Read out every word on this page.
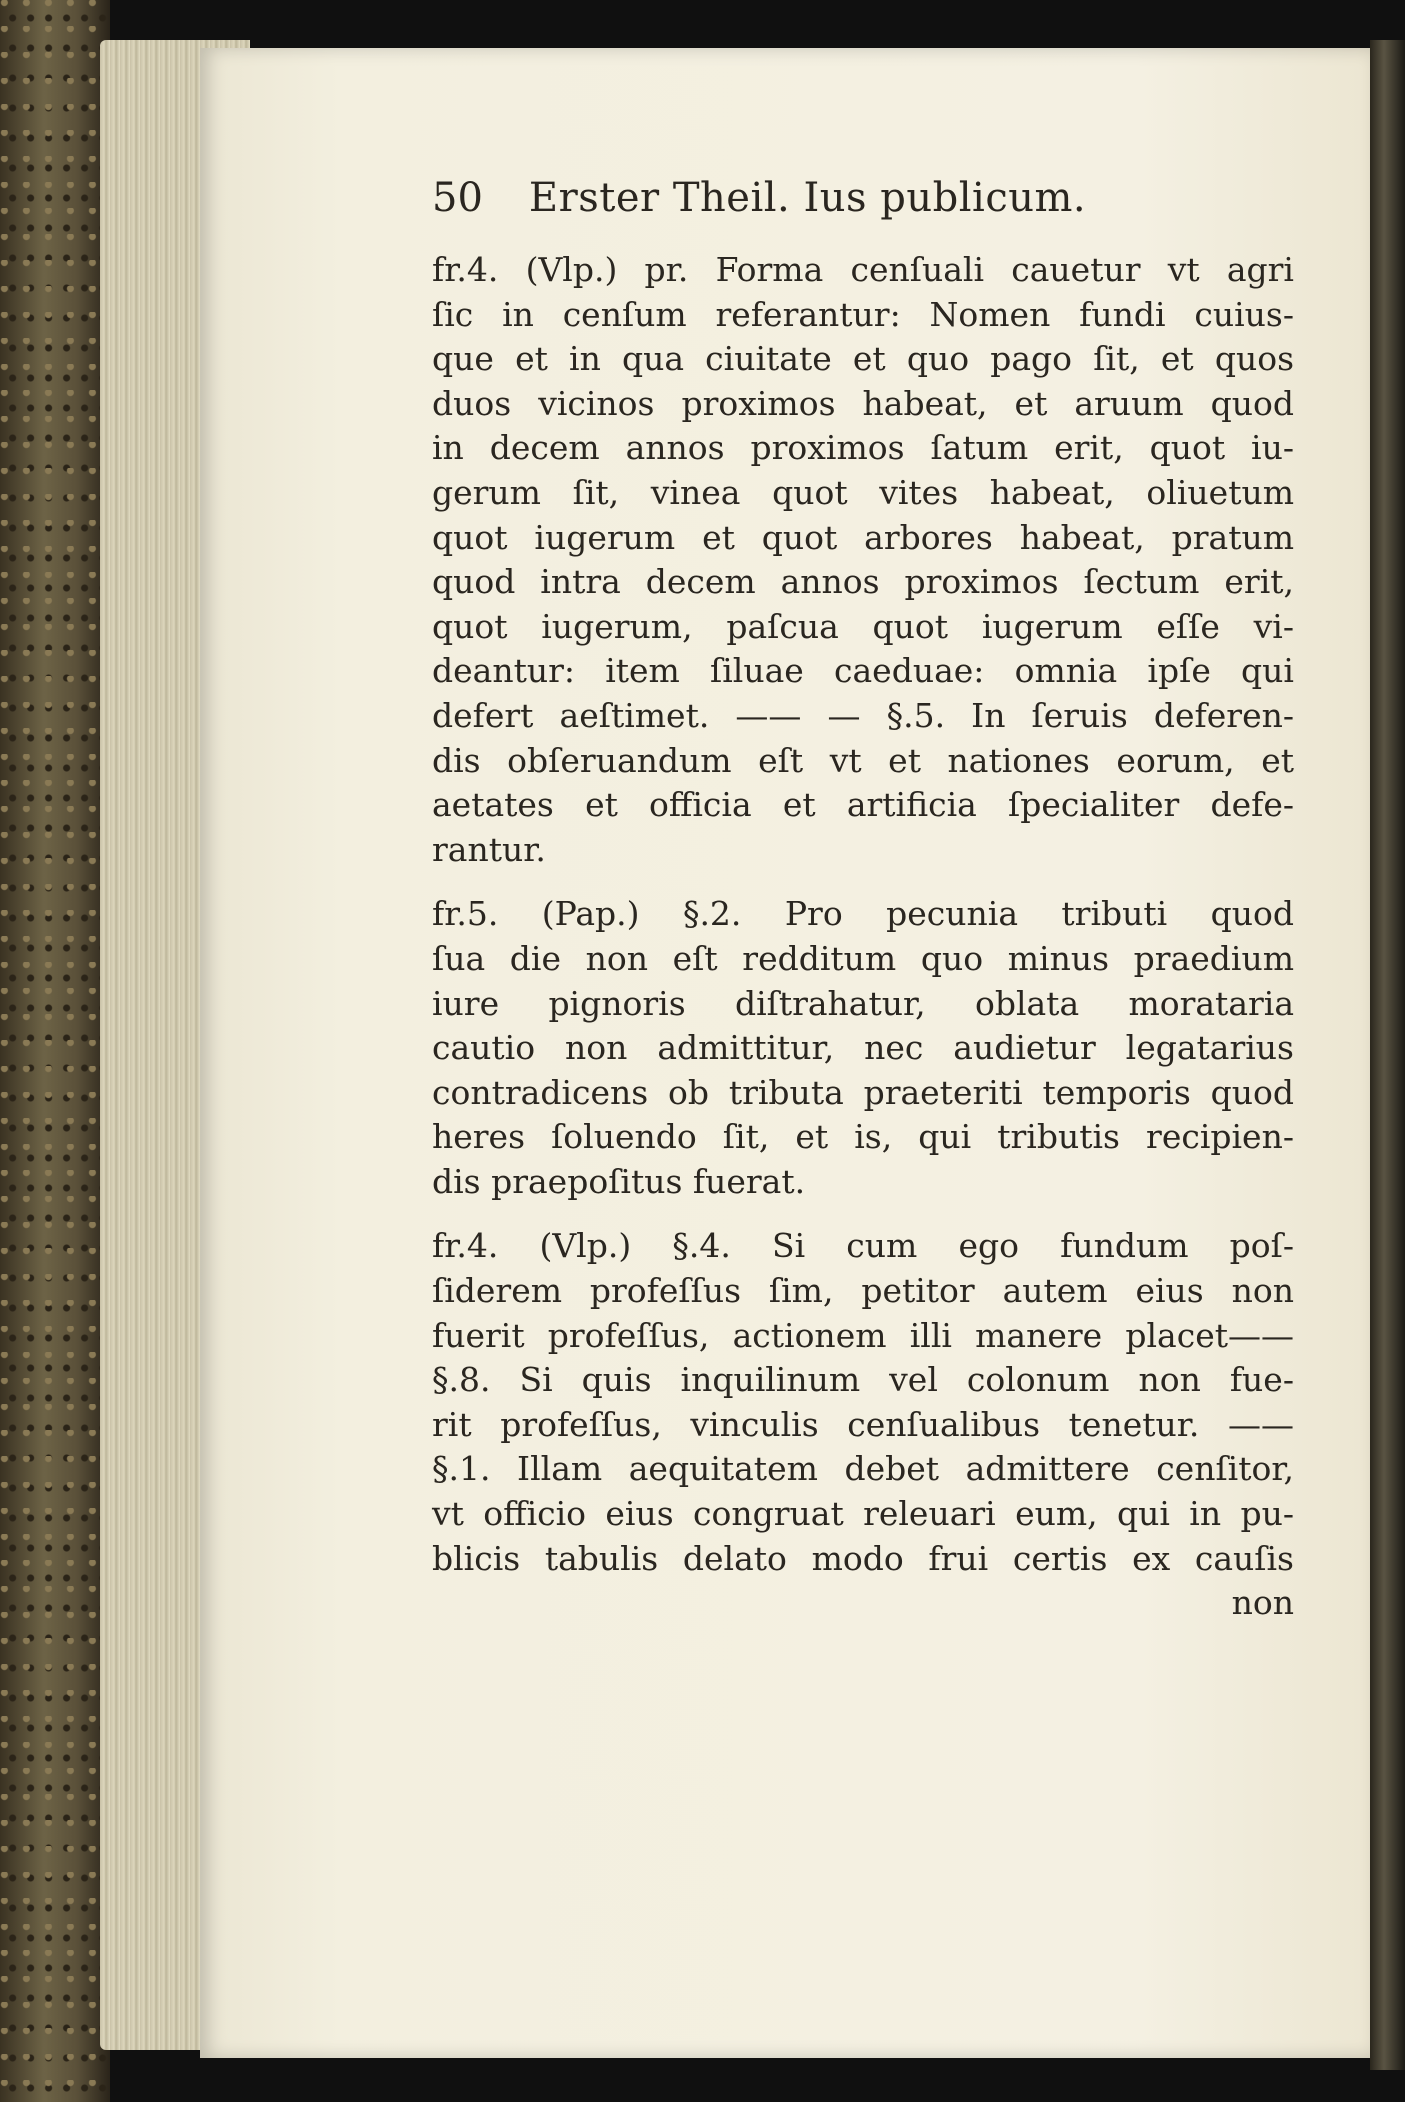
50 Erster Theil. Ius publicum.
fr.4. (Vlp.) pr. Forma cenſuali cauetur vt agri
ſic in cenſum referantur: Nomen fundi cuius-
que et in qua ciuitate et quo pago ſit, et quos
duos vicinos proximos habeat, et aruum quod
in decem annos proximos ſatum erit, quot iu-
gerum ſit, vinea quot vites habeat, oliuetum
quot iugerum et quot arbores habeat, pratum
quod intra decem annos proximos ſectum erit,
quot iugerum, paſcua quot iugerum eſſe vi-
deantur: item ſiluae caeduae: omnia ipſe qui
defert aeſtimet. —— — §.5. In ſeruis deferen-
dis obſeruandum eſt vt et nationes eorum, et
aetates et officia et artificia ſpecialiter defe-
rantur.
fr.5. (Pap.) §.2. Pro pecunia tributi quod
ſua die non eſt redditum quo minus praedium
iure pignoris diſtrahatur, oblata morataria
cautio non admittitur, nec audietur legatarius
contradicens ob tributa praeteriti temporis quod
heres ſoluendo ſit, et is, qui tributis recipien-
dis praepoſitus fuerat.
fr.4. (Vlp.) §.4. Si cum ego fundum poſ-
ſiderem profeſſus ſim, petitor autem eius non
fuerit profeſſus, actionem illi manere placet——
§.8. Si quis inquilinum vel colonum non fue-
rit profeſſus, vinculis cenſualibus tenetur. ——
§.1. Illam aequitatem debet admittere cenſitor,
vt officio eius congruat releuari eum, qui in pu-
blicis tabulis delato modo frui certis ex cauſis
non
